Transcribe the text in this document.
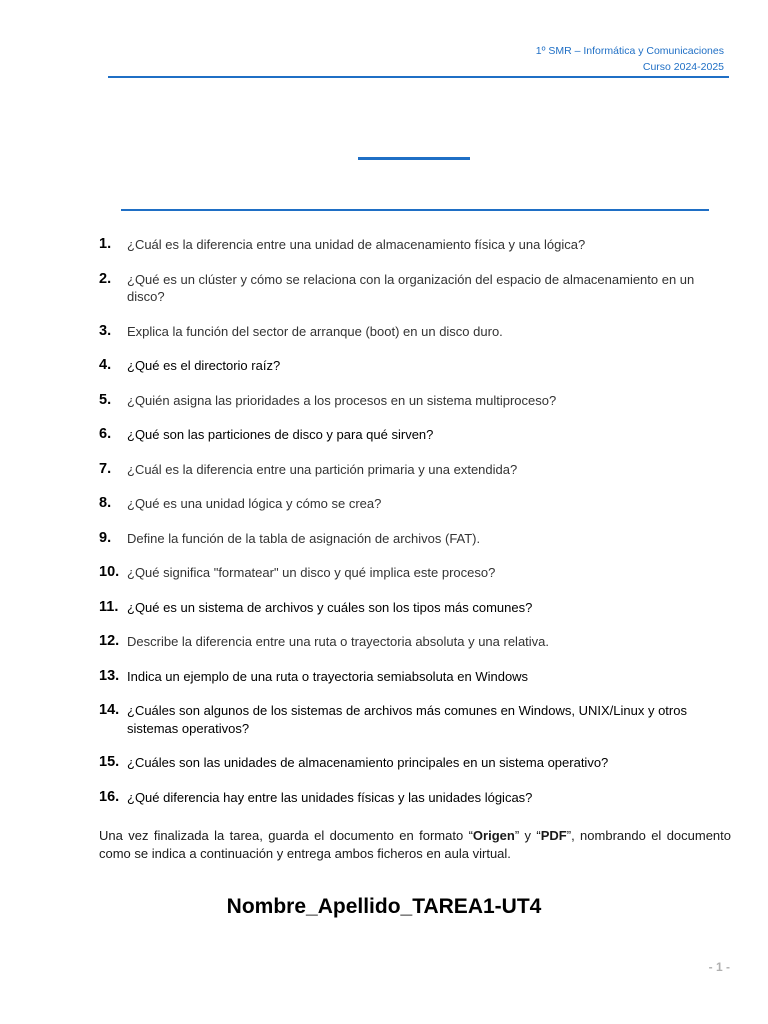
1º SMR – Informática y Comunicaciones
Curso 2024-2025
1.	¿Cuál es la diferencia entre una unidad de almacenamiento física y una lógica?
2.	¿Qué es un clúster y cómo se relaciona con la organización del espacio de almacenamiento en un disco?
3.	Explica la función del sector de arranque (boot) en un disco duro.
4.	¿Qué es el directorio raíz?
5.	¿Quién asigna las prioridades a los procesos en un sistema multiproceso?
6.	¿Qué son las particiones de disco y para qué sirven?
7.	¿Cuál es la diferencia entre una partición primaria y una extendida?
8.	¿Qué es una unidad lógica y cómo se crea?
9.	Define la función de la tabla de asignación de archivos (FAT).
10. ¿Qué significa "formatear" un disco y qué implica este proceso?
11. ¿Qué es un sistema de archivos y cuáles son los tipos más comunes?
12. Describe la diferencia entre una ruta o trayectoria absoluta y una relativa.
13. Indica un ejemplo de una ruta o trayectoria semiabsoluta en Windows
14. ¿Cuáles son algunos de los sistemas de archivos más comunes en Windows, UNIX/Linux y otros sistemas operativos?
15. ¿Cuáles son las unidades de almacenamiento principales en un sistema operativo?
16. ¿Qué diferencia hay entre las unidades físicas y las unidades lógicas?

Una vez finalizada la tarea, guarda el documento en formato “Origen” y “PDF”, nombrando el documento como se indica a continuación y entrega ambos ficheros en aula virtual.

Nombre_Apellido_TAREA1-UT4
- 1 -
